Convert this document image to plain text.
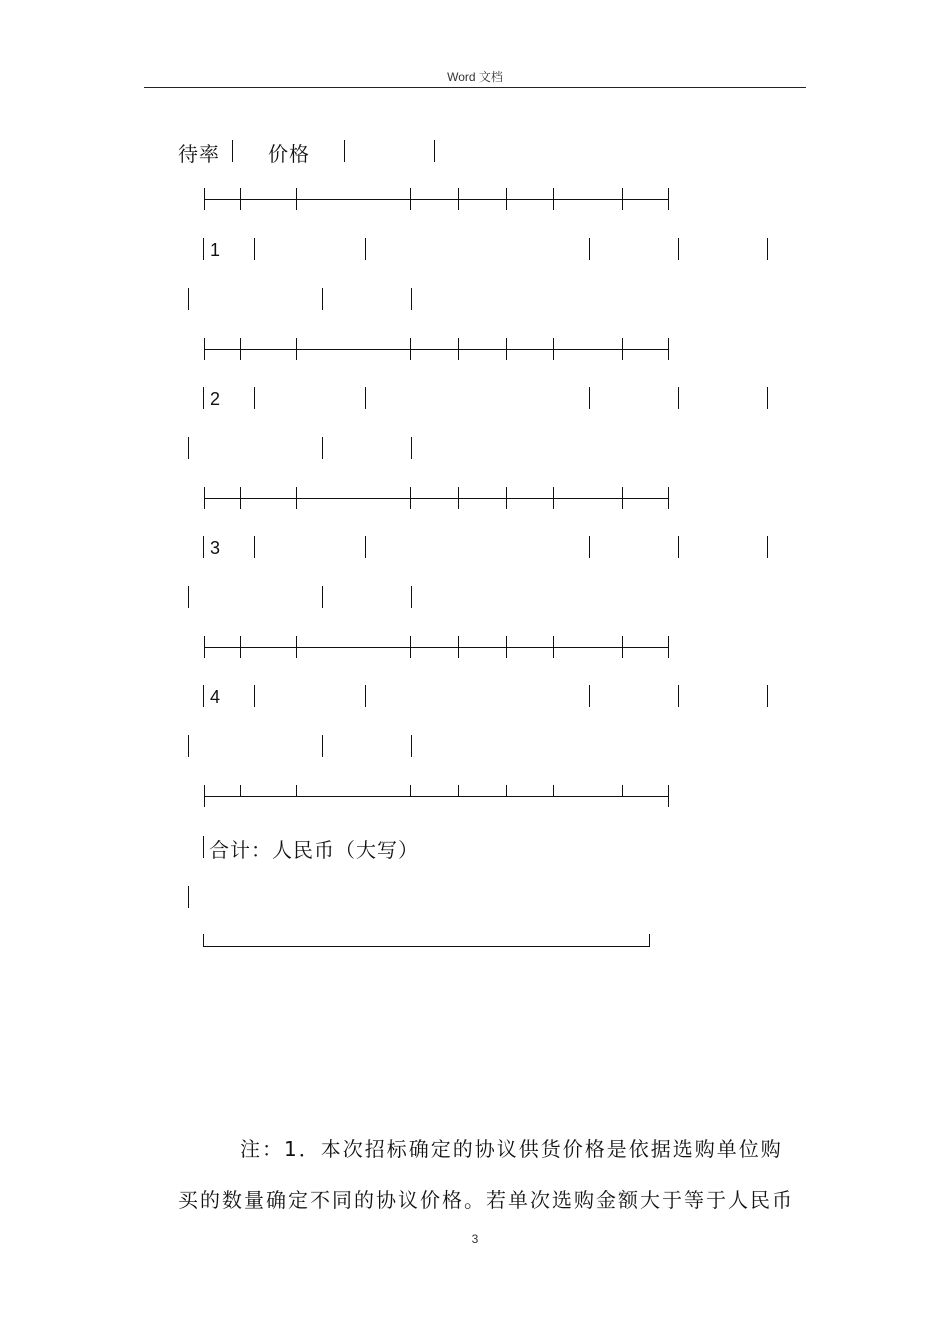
Word 文档
待率 价格
1
2
3
4
合计：人民币（大写）
注：1．本次招标确定的协议供货价格是依据选购单位购
买的数量确定不同的协议价格。若单次选购金额大于等于人民币
3
